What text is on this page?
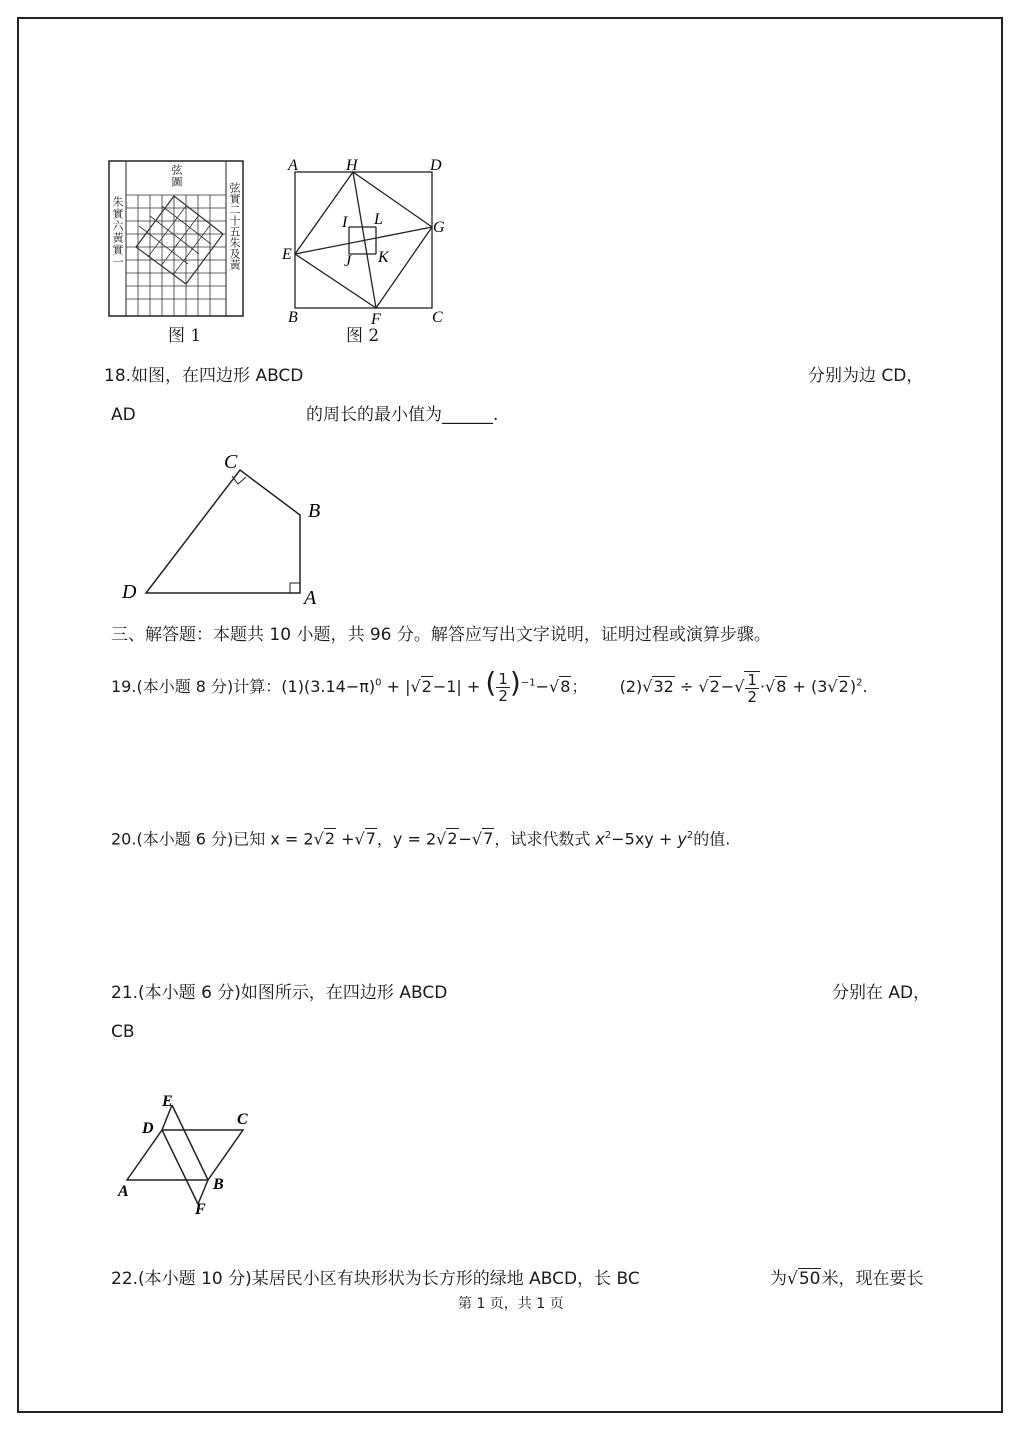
弦圖
朱實六黃實一	弦實二十五朱及黃
图 1
A	H	D
I L	G
E	J K
B	F	C
图 2
18.如图，在四边形 ABCD	分别为边 CD，
AD	的周长的最小值为______.
C
B
D	A
三、解答题：本题共 10 小题，共 96 分。解答应写出文字说明，证明过程或演算步骤。
19.(本小题 8 分)计算：$(1)(3.14-\pi)^0 + |√2-1|$ + ( $\frac{1}{2} )^{-1}-√8$； $(2)√32 \div √2-√ \frac{1}{2} \cdot√8 + (3√2)^2$.
20.(本小题 6 分)已知 x = 2√2 +√7，y = 2√2−√7，试求代数式 $x^2-5xy + y^2$的值.
21.(本小题 6 分)如图所示，在四边形 ABCD	分别在 AD，
CB
E
D
C
A	B
F
22.(本小题 10 分)某居民小区有块形状为长方形的绿地 ABCD，长 BC	为√50米，现在要长
第 1 页，共 1 页
